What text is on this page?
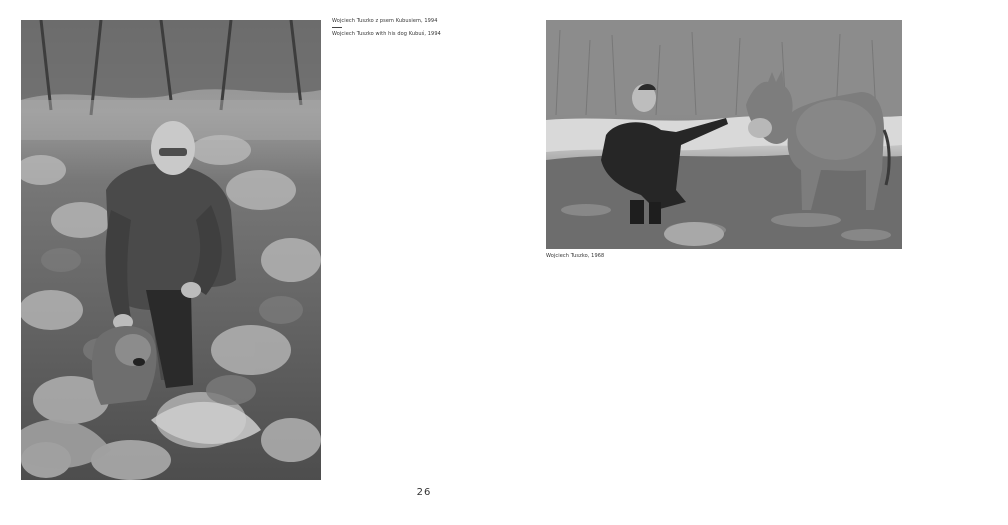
Wojciech Tuszko z psem Kubusiem, 1994
Wojciech Tuszko with his dog Kubuś, 1994
Wojciech Tuszko, 1968
26
